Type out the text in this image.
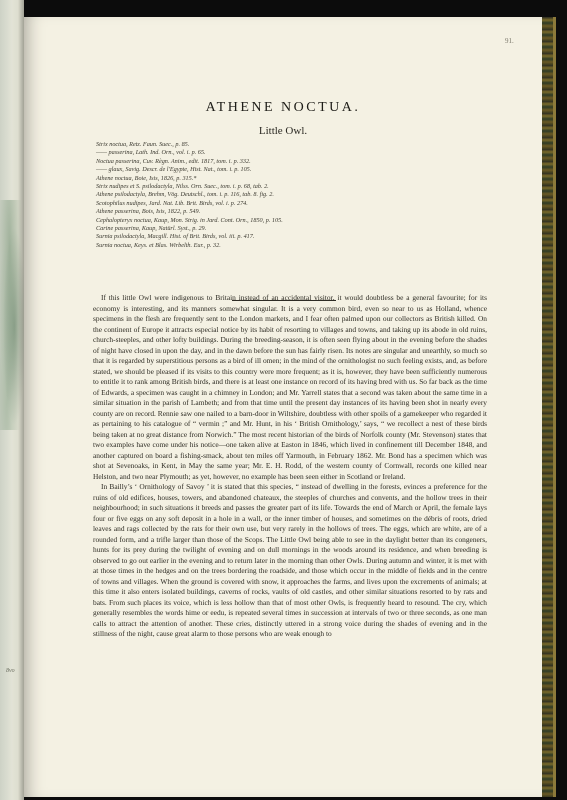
8vo
91.
ATHENE NOCTUA.
Little Owl.
Strix noctua, Retz. Faun. Suec., p. 85.
—— passerina, Lath. Ind. Orn., vol. i. p. 65.
Noctua passerina, Cuv. Règn. Anim., edit. 1817, tom. i. p. 332.
—— glaux, Savig. Descr. de l'Egypte, Hist. Nat., tom. i. p. 105.
Athene noctua, Boie, Isis, 1826, p. 315.*
Strix nudipes et S. psilodactyla, Nilss. Orn. Suec., tom. i. p. 68, tab. 2.
Athene psilodactyla, Brehm, Vög. Deutschl., tom. i. p. 116, tab. 8. fig. 2.
Scotophilus nudipes, Jard. Nat. Lib. Brit. Birds, vol. i. p. 274.
Athene passerina, Bois, Isis, 1822, p. 549.
Cephalopteryx noctua, Kaup, Mon. Strig. in Jard. Cont. Orn., 1850, p. 105.
Carine passerina, Kaup, Natürl. Syst., p. 29.
Surnia psilodactyla, Macgill. Hist. of Brit. Birds, vol. iii. p. 417.
Surnia noctua, Keys. et Blas. Wirbelth. Eur., p. 32.

If this little Owl were indigenous to Britain instead of an accidental visitor, it would doubtless be a general favourite; for its economy is interesting, and its manners somewhat singular. It is a very common bird, even so near to us as Holland, whence specimens in the flesh are frequently sent to the London markets, and I fear often palmed upon our collectors as British killed. On the continent of Europe it attracts especial notice by its habit of resorting to villages and towns, and taking up its abode in old ruins, church-steeples, and other lofty buildings. During the breeding-season, it is often seen flying about in the evening before the shades of night have closed in upon the day, and in the dawn before the sun has fairly risen. Its notes are singular and unearthly, so much so that it is regarded by superstitious persons as a bird of ill omen; in the mind of the ornithologist no such feeling exists, and, as before stated, we should be pleased if its visits to this country were more frequent; as it is, however, they have been sufficiently numerous to entitle it to rank among British birds, and there is at least one instance on record of its having bred with us. So far back as the time of Edwards, a specimen was caught in a chimney in London; and Mr. Yarrell states that a second was taken about the same time in a similar situation in the parish of Lambeth; and from that time until the present day instances of its having been shot in nearly every county are on record. Rennie saw one nailed to a barn-door in Wiltshire, doubtless with other spoils of a gamekeeper who regarded it as pertaining to his catalogue of “ vermin ;” and Mr. Hunt, in his ‘ British Ornithology,’ says, “ we recollect a nest of these birds being taken at no great distance from Norwich.” The most recent historian of the birds of Norfolk county (Mr. Stevenson) states that two examples have come under his notice—one taken alive at Easton in 1846, which lived in confinement till December 1848, and another captured on board a fishing-smack, about ten miles off Yarmouth, in February 1862. Mr. Bond has a specimen which was shot at Sevenoaks, in Kent, in May the same year; Mr. E. H. Rodd, of the western county of Cornwall, records one killed near Helston, and two near Plymouth; as yet, however, no example has been seen either in Scotland or Ireland.

In Bailly’s ‘ Ornithology of Savoy ’ it is stated that this species, “ instead of dwelling in the forests, evinces a preference for the ruins of old edifices, houses, towers, and abandoned chateaux, the steeples of churches and convents, and the hollow trees in their neighbourhood; in such situations it breeds and passes the greater part of its life. Towards the end of March or April, the female lays four or five eggs on any soft deposit in a hole in a wall, or the inner timber of houses, and sometimes on the débris of roots, dried leaves and rags collected by the rats for their own use, but very rarely in the hollows of trees. The eggs, which are white, are of a rounded form, and a trifle larger than those of the Scops. The Little Owl being able to see in the daylight better than its congeners, hunts for its prey during the twilight of evening and on dull mornings in the woods around its residence, and when breeding is observed to go out earlier in the evening and to return later in the morning than other Owls. During autumn and winter, it is met with at those times in the hedges and on the trees bordering the roadside, and those which occur in the middle of fields and in the centre of towns and villages. When the ground is covered with snow, it approaches the farms, and lives upon the excrements of animals; at this time it also enters isolated buildings, caverns of rocks, vaults of old castles, and other similar situations resorted to by rats and bats. From such places its voice, which is less hollow than that of most other Owls, is frequently heard to resound. The cry, which generally resembles the words hime or eedu, is repeated several times in succession at intervals of two or three seconds, as one man calls to attract the attention of another. These cries, distinctly uttered in a strong voice during the shades of evening and in the stillness of the night, cause great alarm to those persons who are weak enough to
